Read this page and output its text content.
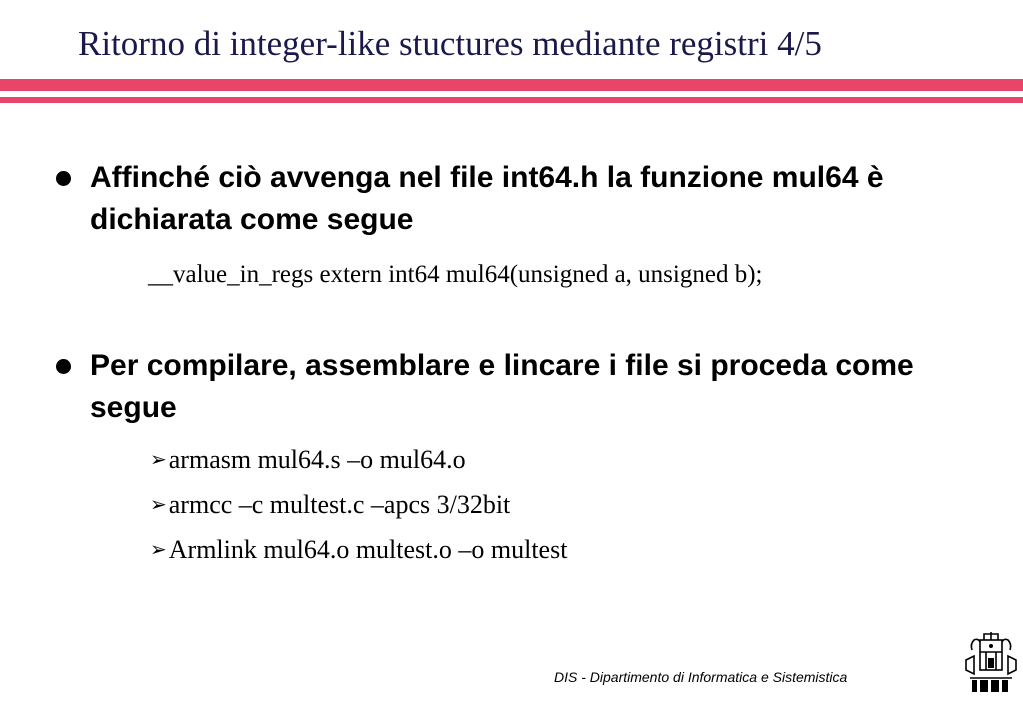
Ritorno di integer-like stuctures mediante registri 4/5
Affinché ciò avvenga nel file int64.h la funzione mul64 è dichiarata come segue
__value_in_regs extern int64 mul64(unsigned a, unsigned b);
Per compilare, assemblare e lincare i file si proceda come segue
➢armasm mul64.s –o mul64.o
➢armcc –c multest.c –apcs 3/32bit
➢Armlink mul64.o multest.o –o multest
DIS - Dipartimento di Informatica e Sistemistica
